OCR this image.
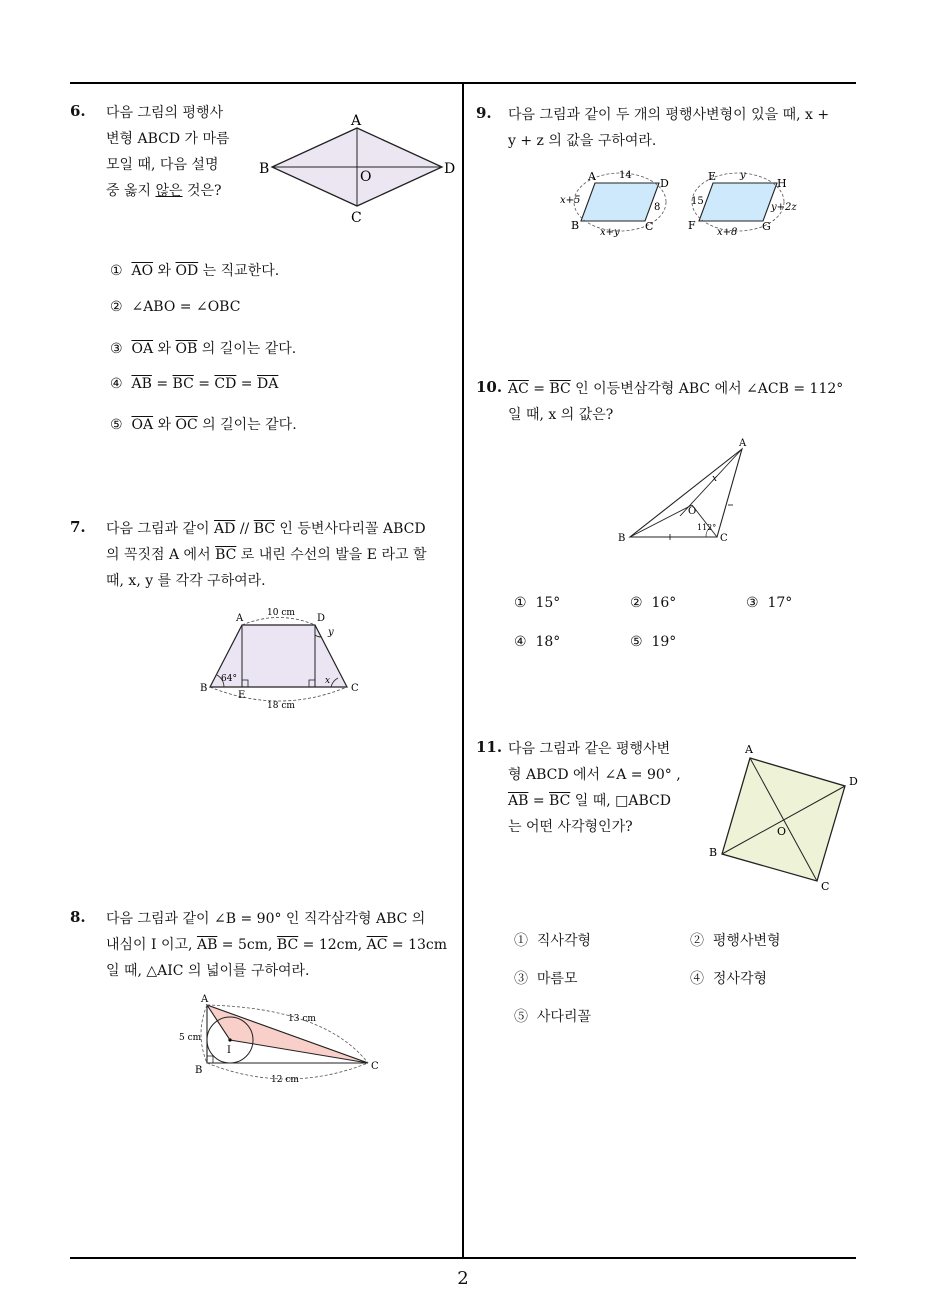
6. 다음 그림의 평행사
변형 ABCD 가 마름
모일 때, 다음 설명
중 옳지 않은 것은?
A
B
C
D
O
① $\overline{AO}$ 와 $\overline{OD}$ 는 직교한다.
② ∠ABO = ∠OBC
③ $\overline{OA}$ 와 $\overline{OB}$ 의 길이는 같다.
④ $\overline{AB} = \overline{BC} = \overline{CD} = \overline{DA}$
⑤ $\overline{OA}$ 와 $\overline{OC}$ 의 길이는 같다.
7. 다음 그림과 같이 $\overline{AD} // \overline{BC}$ 인 등변사다리꼴 ABCD
의 꼭짓점 A 에서 $\overline{BC}$ 로 내린 수선의 발을 E 라고 할
때, x, y 를 각각 구하여라.
A	D
B	C
E
10 cm
18 cm
64°	x
y
8. 다음 그림과 같이 ∠B = 90° 인 직각삼각형 ABC 의
내심이 I 이고, $\overline{AB} = 5cm$, $\overline{BC} = 12cm$, $\overline{AC} = 13cm$
일 때, △AIC 의 넓이를 구하여라.
A
B	C
I
5 cm
12 cm
13 cm
9. 다음 그림과 같이 두 개의 평행사변형이 있을 때, x +
y + z 의 값을 구하여라.
A
D
B	C
14
x+5
8
x+y
E
H
F	G
y
15
y+2z
x+8
10. $\overline{AC} = \overline{BC}$ 인 이등변삼각형 ABC 에서 ∠ACB = 112°
일 때, x 의 값은?
A
B	C
O
x
112°
① 15°	② 16°	③ 17°
④ 18°	⑤ 19°
11. 다음 그림과 같은 평행사변
형 ABCD 에서 ∠A = 90° ,
$\overline{AB} = \overline{BC}$ 일 때, □ABCD
는 어떤 사각형인가?
A
D
B
C
O
① 직사각형	② 평행사변형
③ 마름모	④ 정사각형
⑤ 사다리꼴
2
